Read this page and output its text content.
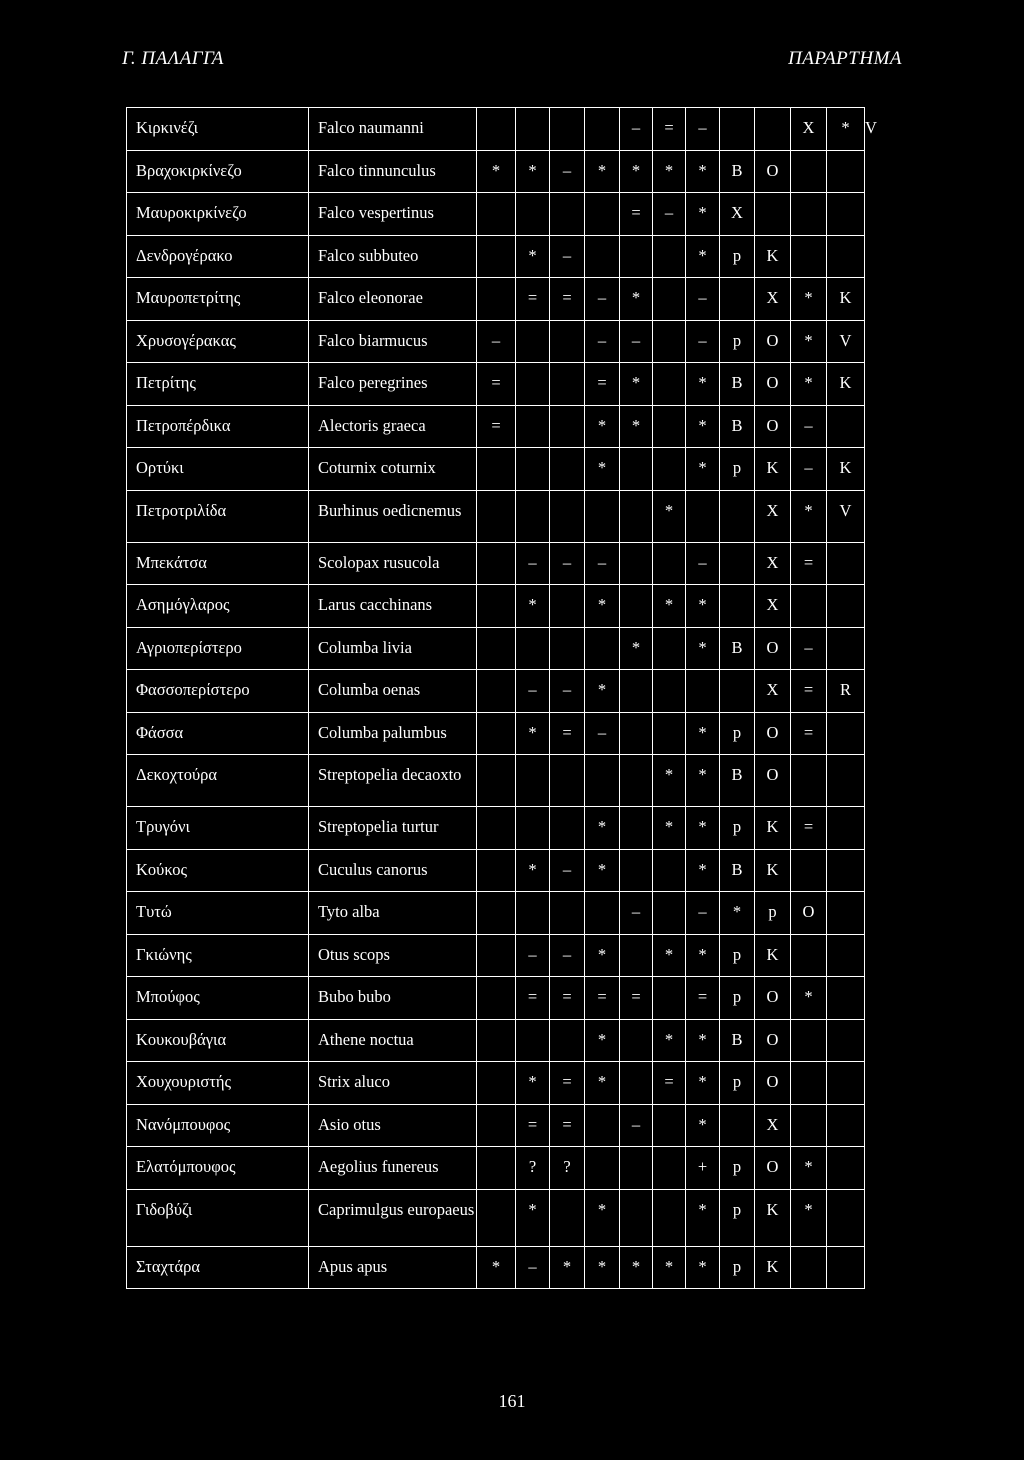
Γ. ΠΑΛΑΓΓΑ	ΠΑΡΑΡΤΗΜΑ
Κιρκινέζι	Falco naumanni					–	=	–			X	*	V
Βραχοκιρκίνεζο	Falco tinnunculus	*	*	–	*	*	*	*	B	O			
Μαυροκιρκίνεζο	Falco vespertinus					=	–	*	X				
Δενδρογέρακο	Falco subbuteo		*	–				*	p	K			
Μαυροπετρίτης	Falco eleonorae		=	=	–	*		–		X	*	K	
Χρυσογέρακας	Falco biarmucus	–			–	–		–	p	O	*	V	
Πετρίτης	Falco peregrines	=			=	*		*	B	O	*	K	
Πετροπέρδικα	Alectoris graeca	=			*	*		*	B	O	–		
Ορτύκι	Coturnix coturnix				*			*	p	K	–	K	
Πετροτριλίδα	Burhinus oedicnemus						*			X	*	V	
Μπεκάτσα	Scolopax rusucola		–	–	–			–		X	=		
Ασημόγλαρος	Larus cacchinans		*		*		*	*		X			
Αγριοπερίστερο	Columba livia					*		*	B	O	–		
Φασσοπερίστερο	Columba oenas		–	–	*					X	=	R	
Φάσσα	Columba palumbus		*	=	–			*	p	O	=		
Δεκοχτούρα	Streptopelia decaoxto						*	*	B	O			
Τρυγόνι	Streptopelia turtur				*		*	*	p	K	=		
Κούκος	Cuculus canorus		*	–	*			*	B	K			
Τυτώ	Tyto alba					–		–	*	p	O		
Γκιώνης	Otus scops		–	–	*		*	*	p	K			
Μπούφος	Bubo bubo		=	=	=	=		=	p	O	*		
Κουκουβάγια	Athene noctua				*		*	*	B	O			
Χουχουριστής	Strix aluco		*	=	*		=	*	p	O			
Νανόμπουφος	Asio otus		=	=		–		*		X			
Ελατόμπουφος	Aegolius funereus		?	?				+	p	O	*		
Γιδοβύζι	Caprimulgus europaeus		*		*			*	p	K	*		
Σταχτάρα	Apus apus	*	–	*	*	*	*	*	p	K			
161
